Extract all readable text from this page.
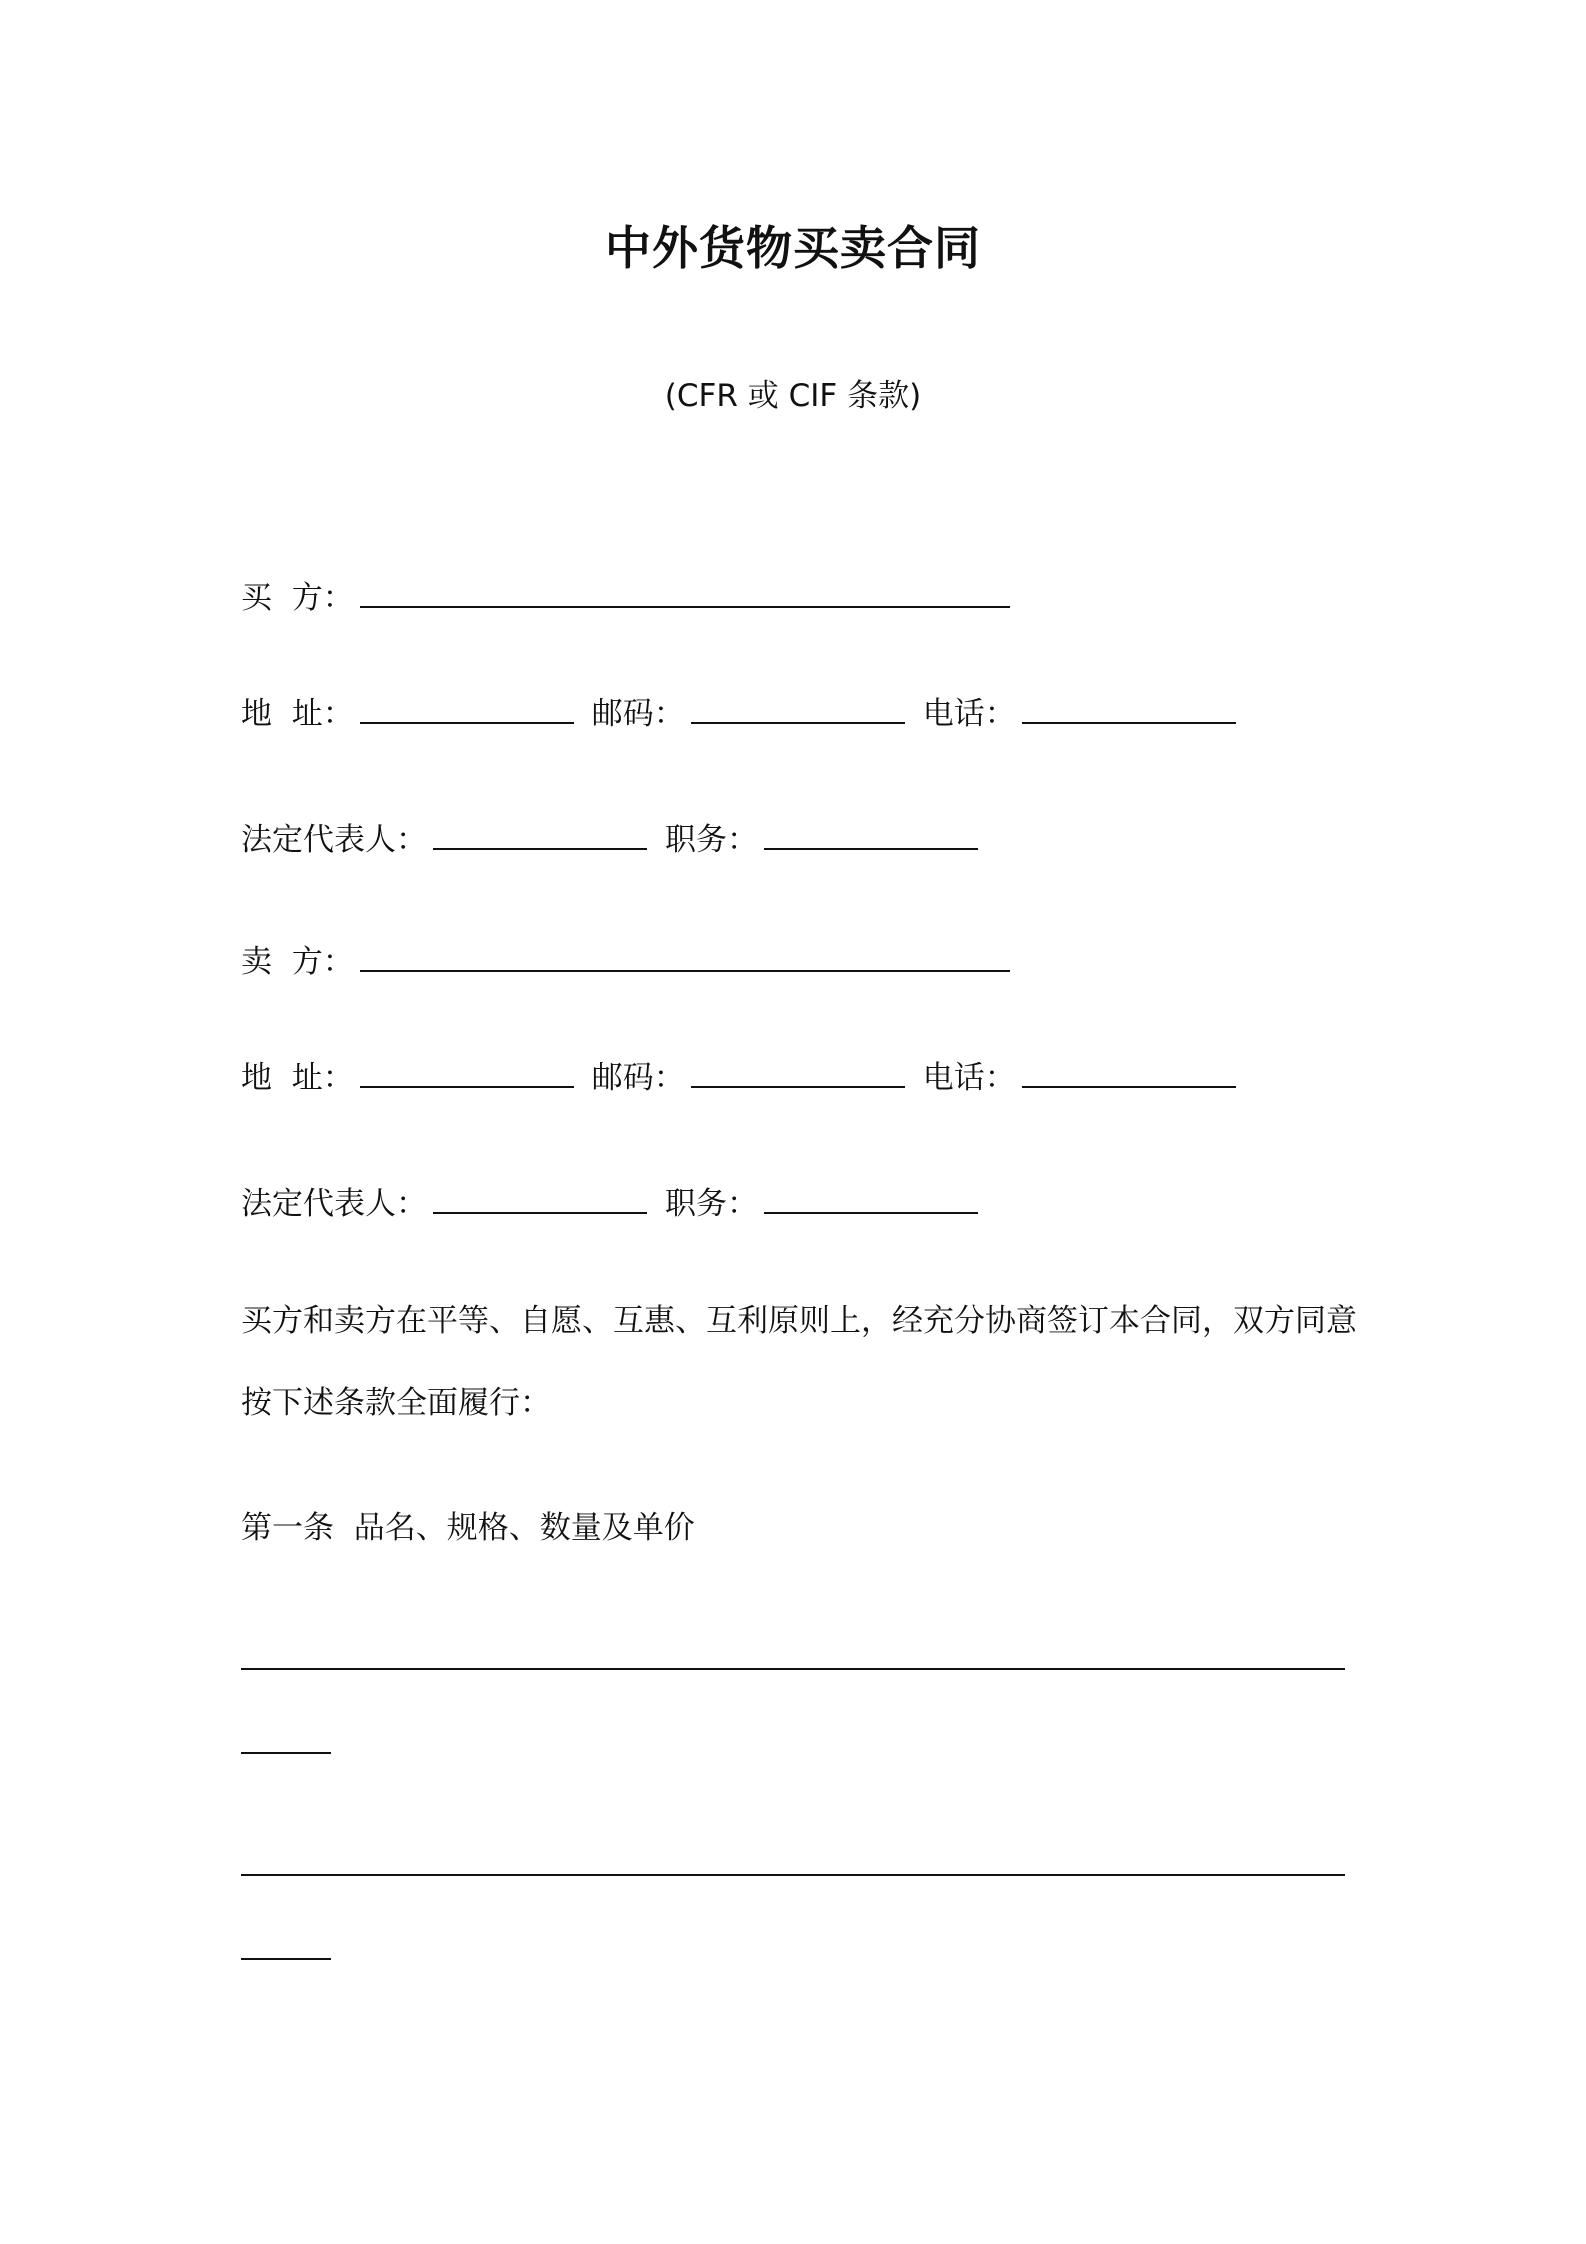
中外货物买卖合同
(CFR 或 CIF 条款)
买  方：
地  址：	邮码：	电话：
法定代表人：	职务：
卖  方：
地  址：	邮码：	电话：
法定代表人：	职务：
买方和卖方在平等、自愿、互惠、互利原则上，经充分协商签订本合同，双方同意按下述条款全面履行：
第一条  品名、规格、数量及单价
